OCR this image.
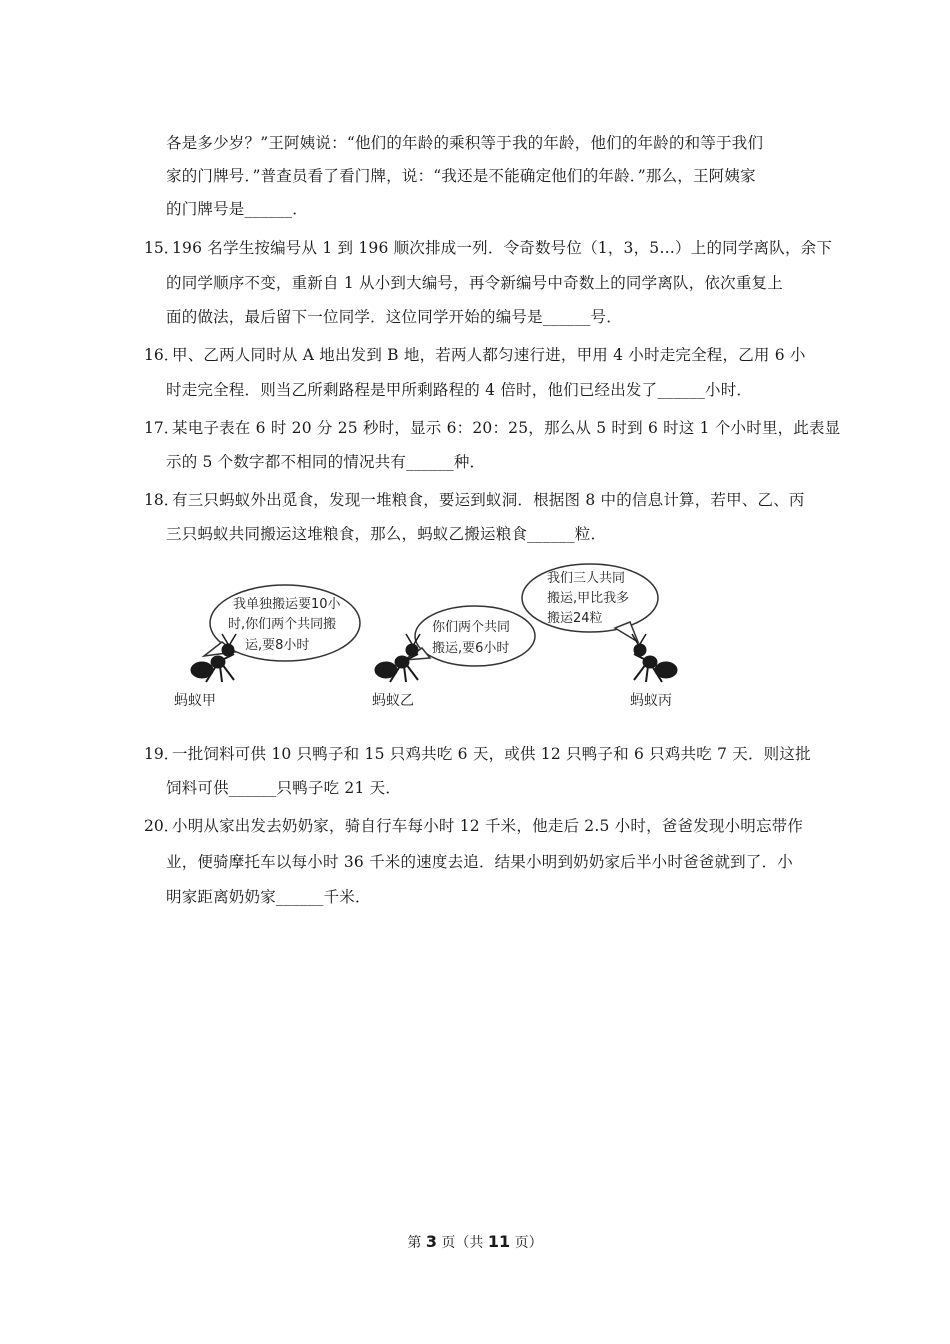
各是多少岁？”王阿姨说：“他们的年龄的乘积等于我的年龄，他们的年龄的和等于我们
家的门牌号．”普查员看了看门牌，说：“我还是不能确定他们的年龄．”那么，王阿姨家
的门牌号是______．
15．
196 名学生按编号从 1 到 196 顺次排成一列．令奇数号位（1，3，5…）上的同学离队，余下
的同学顺序不变，重新自 1 从小到大编号，再令新编号中奇数上的同学离队，依次重复上
面的做法，最后留下一位同学．这位同学开始的编号是______号．
16．
甲、乙两人同时从 A 地出发到 B 地，若两人都匀速行进，甲用 4 小时走完全程，乙用 6 小
时走完全程．则当乙所剩路程是甲所剩路程的 4 倍时，他们已经出发了______小时．
17．
某电子表在 6 时 20 分 25 秒时，显示 6：20：25，那么从 5 时到 6 时这 1 个小时里，此表显
示的 5 个数字都不相同的情况共有______种．
18．
有三只蚂蚁外出觅食，发现一堆粮食，要运到蚁洞．根据图 8 中的信息计算，若甲、乙、丙
三只蚂蚁共同搬运这堆粮食，那么，蚂蚁乙搬运粮食______粒．
我单独搬运要10小
时,你们两个共同搬
运,要8小时
你们两个共同
搬运,要6小时
我们三人共同
搬运,甲比我多
搬运24粒
蚂蚁甲	蚂蚁乙	蚂蚁丙
19．
一批饲料可供 10 只鸭子和 15 只鸡共吃 6 天，或供 12 只鸭子和 6 只鸡共吃 7 天．则这批
饲料可供______只鸭子吃 21 天．
20．
小明从家出发去奶奶家，骑自行车每小时 12 千米，他走后 2.5 小时，爸爸发现小明忘带作
业，便骑摩托车以每小时 36 千米的速度去追．结果小明到奶奶家后半小时爸爸就到了．小
明家距离奶奶家______千米．
第 3 页（共 11 页）
